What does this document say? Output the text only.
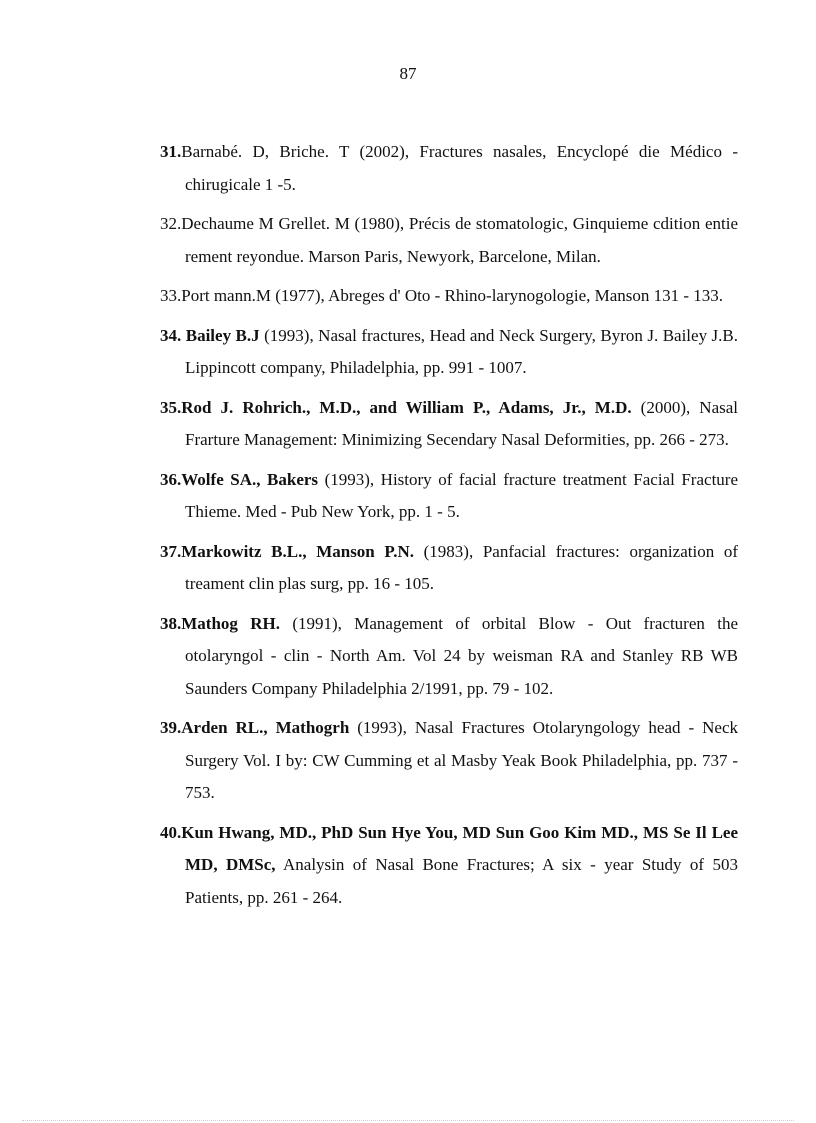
87
31.Barnabé. D, Briche. T (2002), Fractures nasales, Encyclopé die Médico -chirugicale 1 -5.
32.Dechaume M Grellet. M (1980), Précis de stomatologic, Ginquieme cdition entie rement reyondue. Marson Paris, Newyork, Barcelone, Milan.
33.Port mann.M (1977), Abreges d' Oto - Rhino-larynogologie, Manson 131 - 133.
34. Bailey B.J (1993), Nasal fractures, Head and Neck Surgery, Byron J. Bailey J.B. Lippincott company, Philadelphia, pp. 991 - 1007.
35.Rod J. Rohrich., M.D., and William P., Adams, Jr., M.D. (2000), Nasal Frarture Management: Minimizing Secendary Nasal Deformities, pp. 266 - 273.
36.Wolfe SA., Bakers (1993), History of facial fracture treatment Facial Fracture Thieme. Med - Pub New York, pp. 1 - 5.
37.Markowitz B.L., Manson P.N. (1983), Panfacial fractures: organization of treament clin plas surg, pp. 16 - 105.
38.Mathog RH. (1991), Management of orbital Blow - Out fracturen the otolaryngol - clin - North Am. Vol 24 by weisman RA and Stanley RB WB Saunders Company Philadelphia 2/1991, pp. 79 - 102.
39.Arden RL., Mathogrh (1993), Nasal Fractures Otolaryngology head - Neck Surgery Vol. I by: CW Cumming et al Masby Yeak Book Philadelphia, pp. 737 - 753.
40.Kun Hwang, MD., PhD Sun Hye You, MD Sun Goo Kim MD., MS Se Il Lee MD, DMSc, Analysin of Nasal Bone Fractures; A six - year Study of 503 Patients, pp. 261 - 264.
